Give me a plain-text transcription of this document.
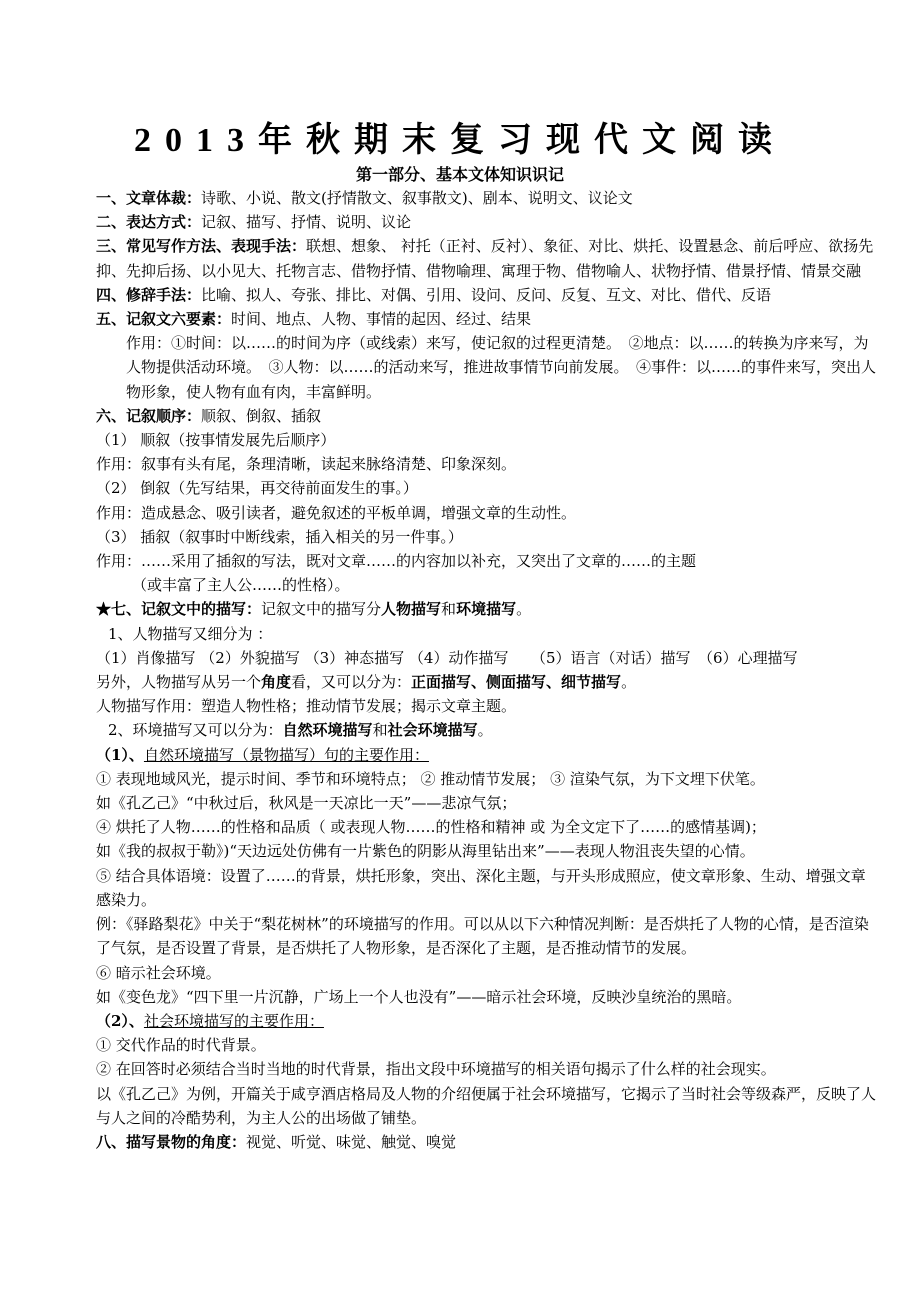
2013年秋期末复习现代文阅读
第一部分、基本文体知识识记

一、文章体裁：诗歌、小说、散文(抒情散文、叙事散文)、剧本、说明文、议论文

二、表达方式：记叙、描写、抒情、说明、议论

三、常见写作方法、表现手法：联想、想象、 衬托（正衬、反衬）、象征、对比、烘托、设置悬念、前后呼应、欲扬先抑、先抑后扬、以小见大、托物言志、借物抒情、借物喻理、寓理于物、借物喻人、状物抒情、借景抒情、情景交融

四、修辞手法：比喻、拟人、夸张、排比、对偶、引用、设问、反问、反复、互文、对比、借代、反语

五、记叙文六要素：时间、地点、人物、事情的起因、经过、结果

作用：①时间：以……的时间为序（或线索）来写，使记叙的过程更清楚。　②地点：以……的转换为序来写，为人物提供活动环境。　③人物：以……的活动来写，推进故事情节向前发展。　④事件：以……的事件来写，突出人物形象，使人物有血有肉，丰富鲜明。

六、记叙顺序：顺叙、倒叙、插叙

（1） 顺叙（按事情发展先后顺序）

作用：叙事有头有尾，条理清晰，读起来脉络清楚、印象深刻。

（2） 倒叙（先写结果，再交待前面发生的事。）

作用：造成悬念、吸引读者，避免叙述的平板单调，增强文章的生动性。

（3） 插叙（叙事时中断线索，插入相关的另一件事。）

作用：……采用了插叙的写法，既对文章……的内容加以补充，又突出了文章的……的主题

（或丰富了主人公……的性格）。

★七、记叙文中的描写：记叙文中的描写分人物描写和环境描写。

1、人物描写又细分为 ：

（1）肖像描写 （2）外貌描写 （3）神态描写 （4）动作描写　　（5）语言（对话）描写　（6）心理描写

另外，人物描写从另一个角度看，又可以分为：正面描写、侧面描写、细节描写。

人物描写作用：塑造人物性格；推动情节发展；揭示文章主题。

2、环境描写又可以分为：自然环境描写和社会环境描写。

（1）、自然环境描写（景物描写）句的主要作用：

① 表现地域风光，提示时间、季节和环境特点； ② 推动情节发展； ③ 渲染气氛，为下文埋下伏笔。

如《孔乙己》“中秋过后，秋风是一天凉比一天”——悲凉气氛；

④ 烘托了人物……的性格和品质（ 或表现人物……的性格和精神 或 为全文定下了……的感情基调)；

如《我的叔叔于勒》)“天边远处仿佛有一片紫色的阴影从海里钻出来”——表现人物沮丧失望的心情。

⑤ 结合具体语境：设置了……的背景，烘托形象，突出、深化主题，与开头形成照应，使文章形象、生动、增强文章感染力。

例：《驿路梨花》中关于“梨花树林”的环境描写的作用。可以从以下六种情况判断：是否烘托了人物的心情，是否渲染了气氛，是否设置了背景，是否烘托了人物形象，是否深化了主题，是否推动情节的发展。

⑥ 暗示社会环境。

如《变色龙》“四下里一片沉静，广场上一个人也没有”——暗示社会环境，反映沙皇统治的黑暗。

（2）、社会环境描写的主要作用：

① 交代作品的时代背景。

② 在回答时必须结合当时当地的时代背景，指出文段中环境描写的相关语句揭示了什么样的社会现实。

以《孔乙己》为例，开篇关于咸亨酒店格局及人物的介绍便属于社会环境描写，它揭示了当时社会等级森严，反映了人与人之间的冷酷势利，为主人公的出场做了铺垫。

八、描写景物的角度：视觉、听觉、味觉、触觉、嗅觉
